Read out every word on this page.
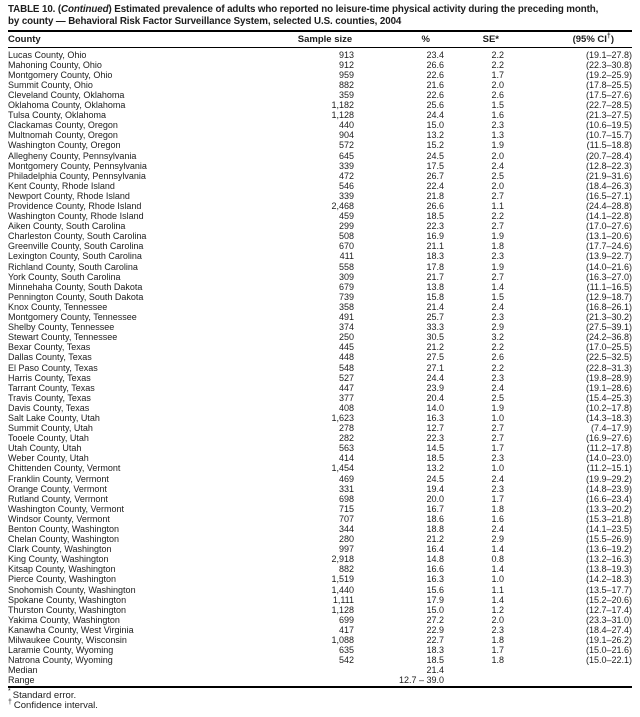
TABLE 10. (Continued) Estimated prevalence of adults who reported no leisure-time physical activity during the preceding month,
by county — Behavioral Risk Factor Surveillance System, selected U.S. counties, 2004
County	Sample size	%	SE*	(95% CI†)
Lucas County, Ohio	913	23.4	2.2	(19.1–27.8)
Mahoning County, Ohio	912	26.6	2.2	(22.3–30.8)
Montgomery County, Ohio	959	22.6	1.7	(19.2–25.9)
Summit County, Ohio	882	21.6	2.0	(17.8–25.5)
Cleveland County, Oklahoma	359	22.6	2.6	(17.5–27.6)
Oklahoma County, Oklahoma	1,182	25.6	1.5	(22.7–28.5)
Tulsa County, Oklahoma	1,128	24.4	1.6	(21.3–27.5)
Clackamas County, Oregon	440	15.0	2.3	(10.6–19.5)
Multnomah County, Oregon	904	13.2	1.3	(10.7–15.7)
Washington County, Oregon	572	15.2	1.9	(11.5–18.8)
Allegheny County, Pennsylvania	645	24.5	2.0	(20.7–28.4)
Montgomery County, Pennsylvania	339	17.5	2.4	(12.8–22.3)
Philadelphia County, Pennsylvania	472	26.7	2.5	(21.9–31.6)
Kent County, Rhode Island	546	22.4	2.0	(18.4–26.3)
Newport County, Rhode Island	339	21.8	2.7	(16.5–27.1)
Providence County, Rhode Island	2,468	26.6	1.1	(24.4–28.8)
Washington County, Rhode Island	459	18.5	2.2	(14.1–22.8)
Aiken County, South Carolina	299	22.3	2.7	(17.0–27.6)
Charleston County, South Carolina	508	16.9	1.9	(13.1–20.6)
Greenville County, South Carolina	670	21.1	1.8	(17.7–24.6)
Lexington County, South Carolina	411	18.3	2.3	(13.9–22.7)
Richland County, South Carolina	558	17.8	1.9	(14.0–21.6)
York County, South Carolina	309	21.7	2.7	(16.3–27.0)
Minnehaha County, South Dakota	679	13.8	1.4	(11.1–16.5)
Pennington County, South Dakota	739	15.8	1.5	(12.9–18.7)
Knox County, Tennessee	358	21.4	2.4	(16.8–26.1)
Montgomery County, Tennessee	491	25.7	2.3	(21.3–30.2)
Shelby County, Tennessee	374	33.3	2.9	(27.5–39.1)
Stewart County, Tennessee	250	30.5	3.2	(24.2–36.8)
Bexar County, Texas	445	21.2	2.2	(17.0–25.5)
Dallas County, Texas	448	27.5	2.6	(22.5–32.5)
El Paso County, Texas	548	27.1	2.2	(22.8–31.3)
Harris County, Texas	527	24.4	2.3	(19.8–28.9)
Tarrant County, Texas	447	23.9	2.4	(19.1–28.6)
Travis County, Texas	377	20.4	2.5	(15.4–25.3)
Davis County, Texas	408	14.0	1.9	(10.2–17.8)
Salt Lake County, Utah	1,623	16.3	1.0	(14.3–18.3)
Summit County, Utah	278	12.7	2.7	(7.4–17.9)
Tooele County, Utah	282	22.3	2.7	(16.9–27.6)
Utah County, Utah	563	14.5	1.7	(11.2–17.8)
Weber County, Utah	414	18.5	2.3	(14.0–23.0)
Chittenden County, Vermont	1,454	13.2	1.0	(11.2–15.1)
Franklin County, Vermont	469	24.5	2.4	(19.9–29.2)
Orange County, Vermont	331	19.4	2.3	(14.8–23.9)
Rutland County, Vermont	698	20.0	1.7	(16.6–23.4)
Washington County, Vermont	715	16.7	1.8	(13.3–20.2)
Windsor County, Vermont	707	18.6	1.6	(15.3–21.8)
Benton County, Washington	344	18.8	2.4	(14.1–23.5)
Chelan County, Washington	280	21.2	2.9	(15.5–26.9)
Clark County, Washington	997	16.4	1.4	(13.6–19.2)
King County, Washington	2,918	14.8	0.8	(13.2–16.3)
Kitsap County, Washington	882	16.6	1.4	(13.8–19.3)
Pierce County, Washington	1,519	16.3	1.0	(14.2–18.3)
Snohomish County, Washington	1,440	15.6	1.1	(13.5–17.7)
Spokane County, Washington	1,111	17.9	1.4	(15.2–20.6)
Thurston County, Washington	1,128	15.0	1.2	(12.7–17.4)
Yakima County, Washington	699	27.2	2.0	(23.3–31.0)
Kanawha County, West Virginia	417	22.9	2.3	(18.4–27.4)
Milwaukee County, Wisconsin	1,088	22.7	1.8	(19.1–26.2)
Laramie County, Wyoming	635	18.3	1.7	(15.0–21.6)
Natrona County, Wyoming	542	18.5	1.8	(15.0–22.1)
Median		21.4		
Range		12.7 – 39.0		
* Standard error.
† Confidence interval.
